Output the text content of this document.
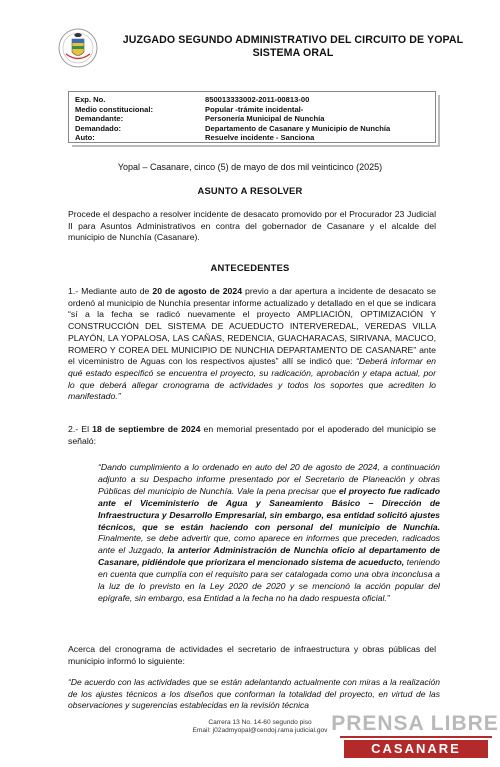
JUZGADO SEGUNDO ADMINISTRATIVO DEL CIRCUITO DE YOPAL
SISTEMA ORAL
Exp. No.	850013333002-2011-00813-00
Medio constitucional:	Popular -trámite incidental-
Demandante:	Personería Municipal de Nunchía
Demandado:	Departamento de Casanare y Municipio de Nunchía
Auto:	Resuelve incidente - Sanciona
Yopal – Casanare, cinco (5) de mayo de dos mil veinticinco (2025)
ASUNTO A RESOLVER
Procede el despacho a resolver incidente de desacato promovido por el Procurador 23 Judicial II para Asuntos Administrativos en contra del gobernador de Casanare y el alcalde del municipio de Nunchía (Casanare).
ANTECEDENTES
1.- Mediante auto de 20 de agosto de 2024 previo a dar apertura a incidente de desacato se ordenó al municipio de Nunchía presentar informe actualizado y detallado en el que se indicara “sí a la fecha se radicó nuevamente el proyecto AMPLIACIÓN, OPTIMIZACIÓN Y CONSTRUCCIÓN DEL SISTEMA DE ACUEDUCTO INTERVEREDAL, VEREDAS VILLA PLAYÓN, LA YOPALOSA, LAS CAÑAS, REDENCIA, GUACHARACAS, SIRIVANA, MACUCO, ROMERO Y COREA DEL MUNICIPIO DE NUNCHIA DEPARTAMENTO DE CASANARE” ante el viceministro de Aguas con los respectivos ajustes” allí se indicó que: “Deberá informar en qué estado especificó se encuentra el proyecto, su radicación, aprobación y etapa actual, por lo que deberá allegar cronograma de actividades y todos los soportes que acrediten lo manifestado.”
2.- El 18 de septiembre de 2024 en memorial presentado por el apoderado del municipio se señaló:
“Dando cumplimiento a lo ordenado en auto del 20 de agosto de 2024, a continuación adjunto a su Despacho informe presentado por el Secretario de Planeación y obras Públicas del municipio de Nunchía. Vale la pena precisar que el proyecto fue radicado ante el Viceministerio de Agua y Saneamiento Básico – Dirección de Infraestructura y Desarrollo Empresarial, sin embargo, esa entidad solicitó ajustes técnicos, que se están haciendo con personal del municipio de Nunchía. Finalmente, se debe advertir que, como aparece en informes que preceden, radicados ante el Juzgado, la anterior Administración de Nunchía oficio al departamento de Casanare, pidiéndole que priorizara el mencionado sistema de acueducto, teniendo en cuenta que cumplía con el requisito para ser catalogada como una obra inconclusa a la luz de lo previsto en la Ley 2020 de 2020 y se mencionó la acción popular del epígrafe, sin embargo, esa Entidad a la fecha no ha dado respuesta oficial.”
Acerca del cronograma de actividades el secretario de infraestructura y obras públicas del municipio informó lo siguiente:
“De acuerdo con las actividades que se están adelantando actualmente con miras a la realización de los ajustes técnicos a los diseños que conforman la totalidad del proyecto, en virtud de las observaciones y sugerencias establecidas en la revisión técnica
Carrera 13 No. 14-60 segundo piso
Email: j02admyopal@cendoj.rama judicial.gov PRENSA LIBRE
CASANARE
